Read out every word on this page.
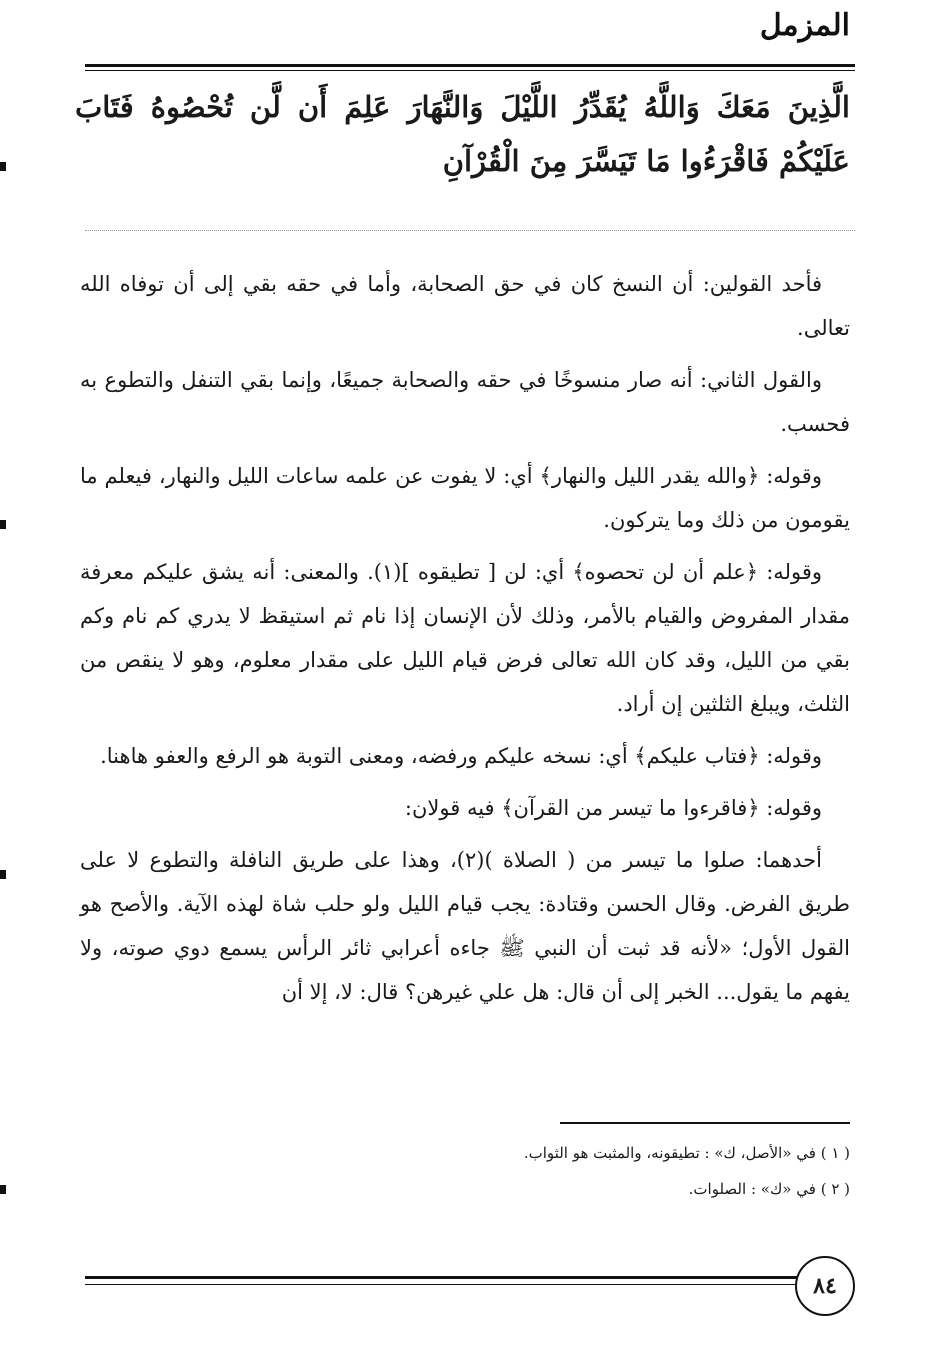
المزمل
الَّذِينَ مَعَكَ وَاللَّهُ يُقَدِّرُ اللَّيْلَ وَالنَّهَارَ عَلِمَ أَن لَّن تُحْصُوهُ فَتَابَ عَلَيْكُمْ فَاقْرَءُوا مَا تَيَسَّرَ مِنَ الْقُرْآنِ

فأحد القولين: أن النسخ كان في حق الصحابة، وأما في حقه بقي إلى أن توفاه الله تعالى.

والقول الثاني: أنه صار منسوخًا في حقه والصحابة جميعًا، وإنما بقي التنفل والتطوع به فحسب.

وقوله: ﴿والله يقدر الليل والنهار﴾ أي: لا يفوت عن علمه ساعات الليل والنهار، فيعلم ما يقومون من ذلك وما يتركون.

وقوله: ﴿علم أن لن تحصوه﴾ أي: لن [ تطيقوه ](١). والمعنى: أنه يشق عليكم معرفة مقدار المفروض والقيام بالأمر، وذلك لأن الإنسان إذا نام ثم استيقظ لا يدري كم نام وكم بقي من الليل، وقد كان الله تعالى فرض قيام الليل على مقدار معلوم، وهو لا ينقص من الثلث، ويبلغ الثلثين إن أراد.

وقوله: ﴿فتاب عليكم﴾ أي: نسخه عليكم ورفضه، ومعنى التوبة هو الرفع والعفو هاهنا.

وقوله: ﴿فاقرءوا ما تيسر من القرآن﴾ فيه قولان:

أحدهما: صلوا ما تيسر من ( الصلاة )(٢)، وهذا على طريق النافلة والتطوع لا على طريق الفرض. وقال الحسن وقتادة: يجب قيام الليل ولو حلب شاة لهذه الآية. والأصح هو القول الأول؛ «لأنه قد ثبت أن النبي ﷺ جاءه أعرابي ثائر الرأس يسمع دوي صوته، ولا يفهم ما يقول... الخبر إلى أن قال: هل علي غيرهن؟ قال: لا، إلا أن

( ١ ) في «الأصل، ك» : تطيقونه، والمثبت هو الثواب.

( ٢ ) في «ك» : الصلوات.

٨٤
